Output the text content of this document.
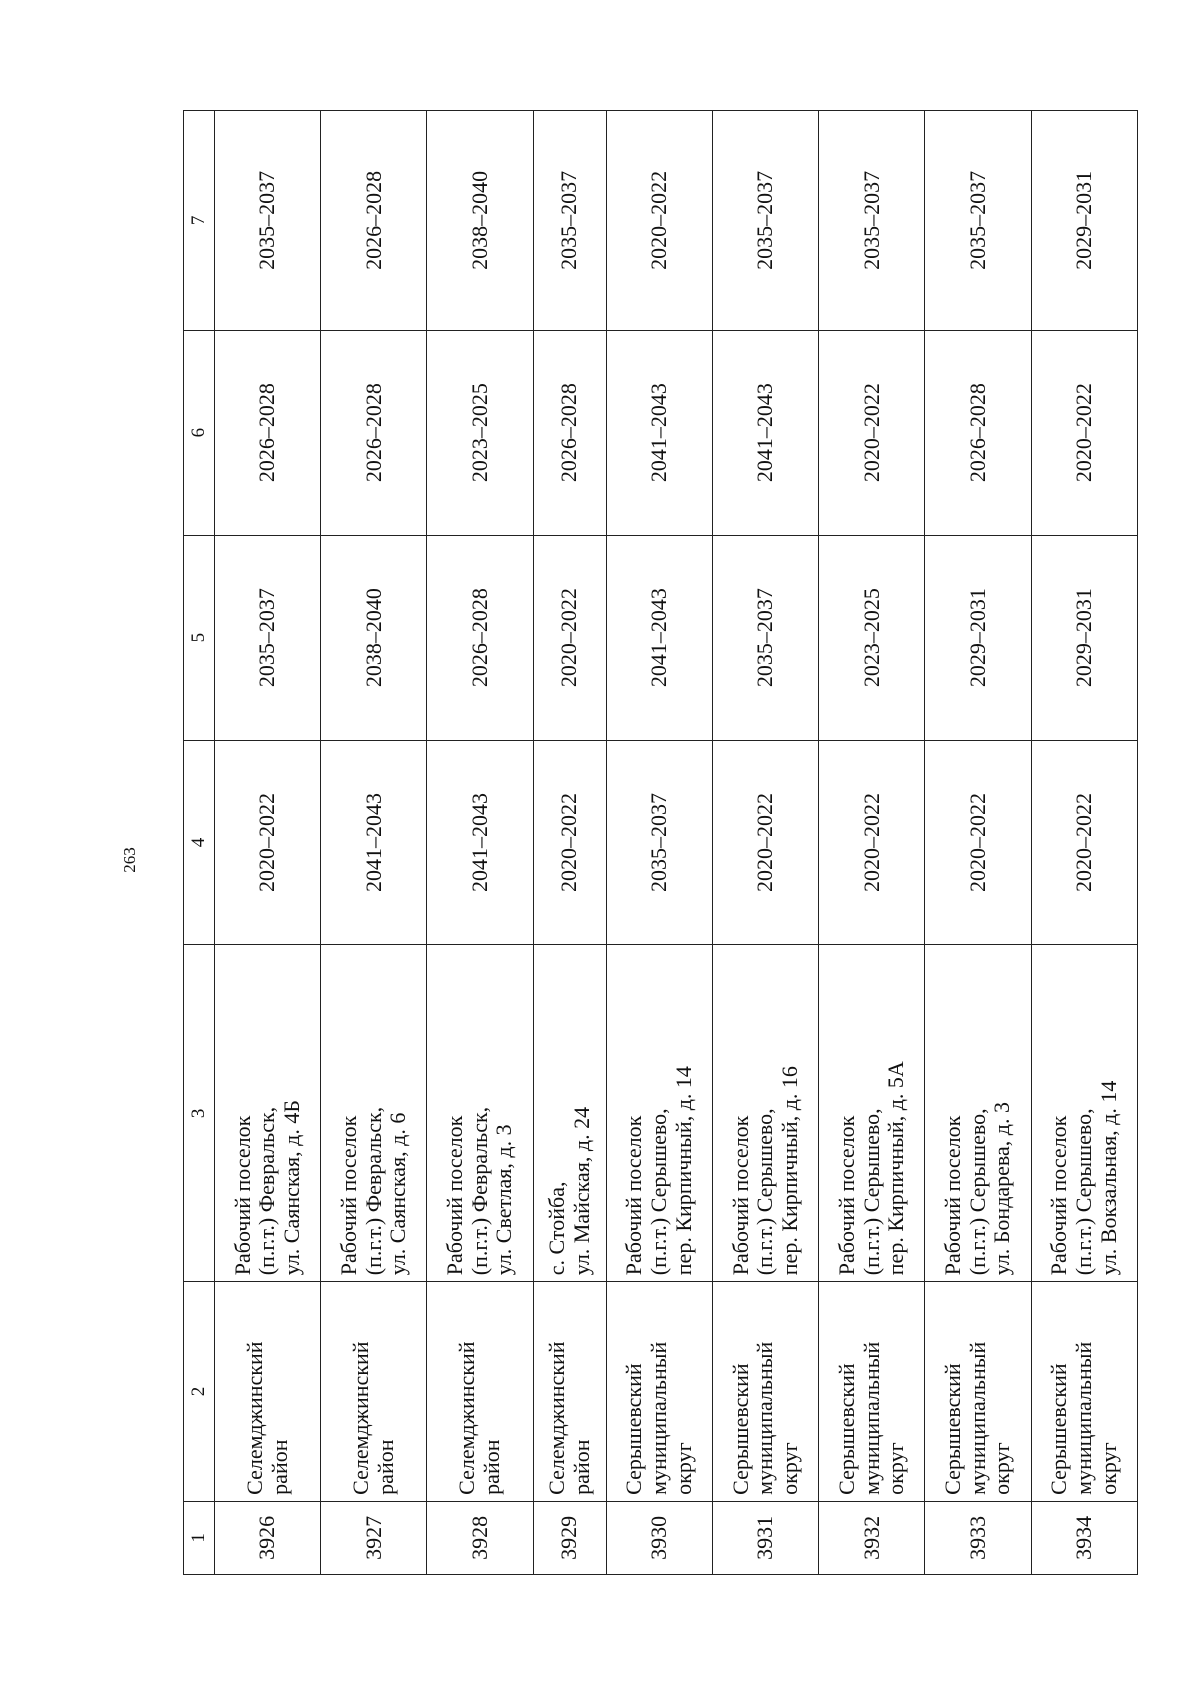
263
1	2	3	4	5	6	7
3926	Селемджинский район	Рабочий поселок
(п.г.т.) Февральск,
ул. Саянская, д. 4Б	2020–2022	2035–2037	2026–2028	2035–2037
3927	Селемджинский район	Рабочий поселок
(п.г.т.) Февральск,
ул. Саянская, д. 6	2041–2043	2038–2040	2026–2028	2026–2028
3928	Селемджинский район	Рабочий поселок
(п.г.т.) Февральск,
ул. Светлая, д. 3	2041–2043	2026–2028	2023–2025	2038–2040
3929	Селемджинский район	с. Стойба,
ул. Майская, д. 24	2020–2022	2020–2022	2026–2028	2035–2037
3930	Серышевский муниципальный округ	Рабочий поселок
(п.г.т.) Серышево,
пер. Кирпичный, д. 14	2035–2037	2041–2043	2041–2043	2020–2022
3931	Серышевский муниципальный округ	Рабочий поселок
(п.г.т.) Серышево,
пер. Кирпичный, д. 16	2020–2022	2035–2037	2041–2043	2035–2037
3932	Серышевский муниципальный округ	Рабочий поселок
(п.г.т.) Серышево,
пер. Кирпичный, д. 5А	2020–2022	2023–2025	2020–2022	2035–2037
3933	Серышевский муниципальный округ	Рабочий поселок
(п.г.т.) Серышево,
ул. Бондарева, д. 3	2020–2022	2029–2031	2026–2028	2035–2037
3934	Серышевский муниципальный округ	Рабочий поселок
(п.г.т.) Серышево,
ул. Вокзальная, д. 14	2020–2022	2029–2031	2020–2022	2029–2031
